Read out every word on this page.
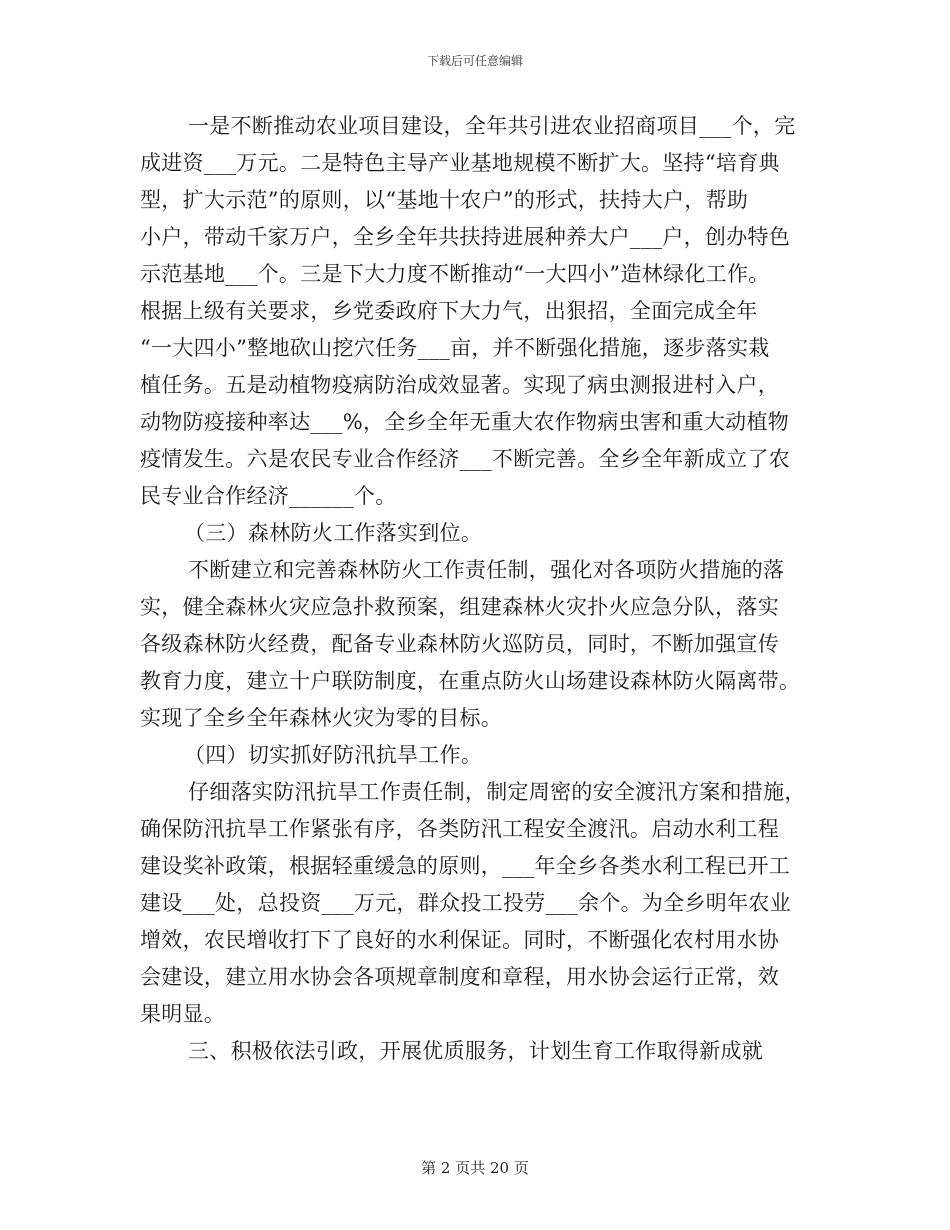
下载后可任意编辑
一是不断推动农业项目建设，全年共引进农业招商项目___个，完
成进资___万元。二是特色主导产业基地规模不断扩大。坚持“培育典
型，扩大示范”的原则，以“基地十农户”的形式，扶持大户，帮助
小户，带动千家万户，全乡全年共扶持进展种养大户___户，创办特色
示范基地___个。三是下大力度不断推动“一大四小”造林绿化工作。
根据上级有关要求，乡党委政府下大力气，出狠招，全面完成全年
“一大四小”整地砍山挖穴任务___亩，并不断强化措施，逐步落实栽
植任务。五是动植物疫病防治成效显著。实现了病虫测报进村入户，
动物防疫接种率达___%，全乡全年无重大农作物病虫害和重大动植物
疫情发生。六是农民专业合作经济___不断完善。全乡全年新成立了农
民专业合作经济______个。
（三）森林防火工作落实到位。
不断建立和完善森林防火工作责任制，强化对各项防火措施的落
实，健全森林火灾应急扑救预案，组建森林火灾扑火应急分队，落实
各级森林防火经费，配备专业森林防火巡防员，同时，不断加强宣传
教育力度，建立十户联防制度，在重点防火山场建设森林防火隔离带。
实现了全乡全年森林火灾为零的目标。
（四）切实抓好防汛抗旱工作。
仔细落实防汛抗旱工作责任制，制定周密的安全渡汛方案和措施，
确保防汛抗旱工作紧张有序，各类防汛工程安全渡汛。启动水利工程
建设奖补政策，根据轻重缓急的原则，___年全乡各类水利工程已开工
建设___处，总投资___万元，群众投工投劳___余个。为全乡明年农业
增效，农民增收打下了良好的水利保证。同时，不断强化农村用水协
会建设，建立用水协会各项规章制度和章程，用水协会运行正常，效
果明显。
三、积极依法引政，开展优质服务，计划生育工作取得新成就
第 2 页共 20 页
